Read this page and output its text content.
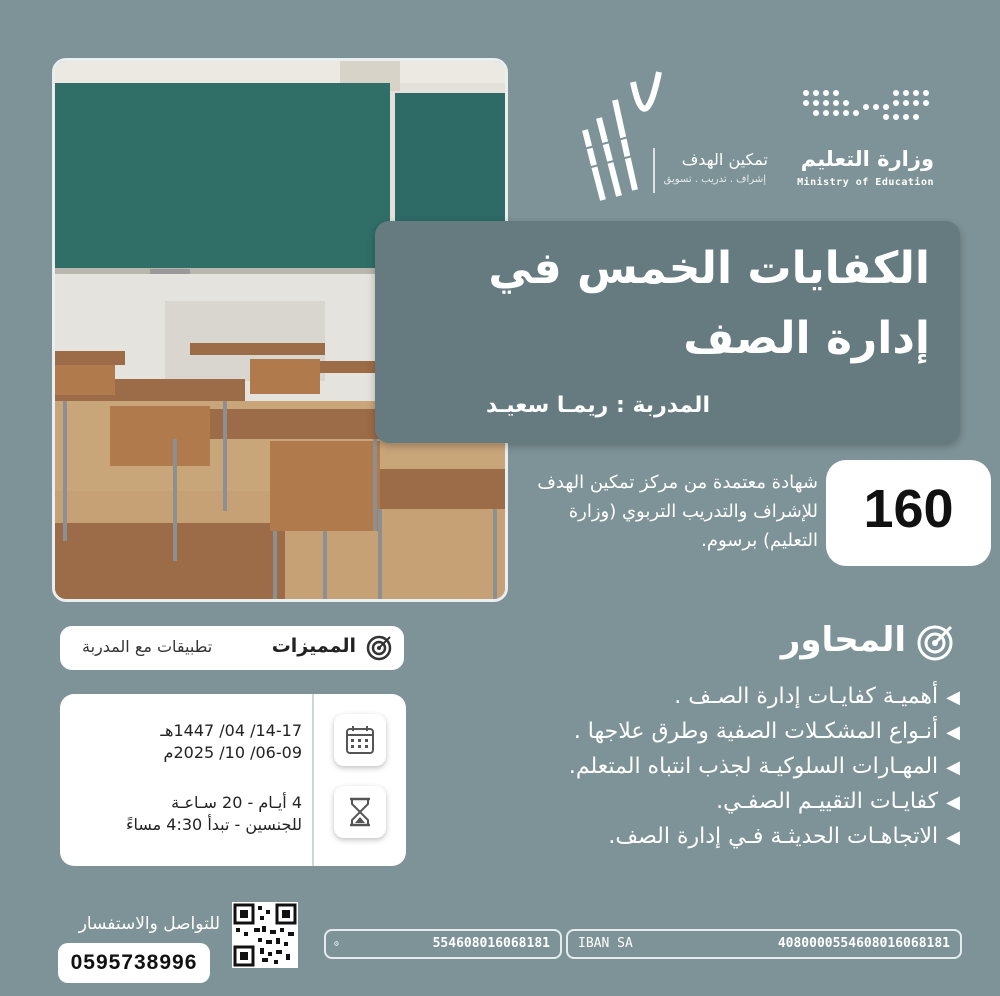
وزارة التعليم
Ministry of Education
تمكين الهدف
إشراف . تدريب . تسويق
الكفايات الخمس في
إدارة الصف
المدربة : ريمـا سعيـد
160
شهادة معتمدة من مركز تمكين الهدف للإشراف والتدريب التربوي (وزارة التعليم) برسوم.
المميزات
تطبيقات مع المدربة
14-17/ 04/ 1447هـ
06-09/ 10/ 2025م
4 أيـام - 20 سـاعـة
للجنسين - تبدأ 4:30 مساءً
المحاور
◀أهميـة كفايـات إدارة الصـف .
◀أنـواع المشكـلات الصفية وطرق علاجها .
◀المهـارات السلوكيـة لجذب انتباه المتعلم.
◀كفايـات التقييـم الصفـي.
◀الاتجاهـات الحديثـة فـي إدارة الصف.
للتواصل والاستفسار
0595738996
⚙	554608016068181 IBAN SA	4080000554608016068181
